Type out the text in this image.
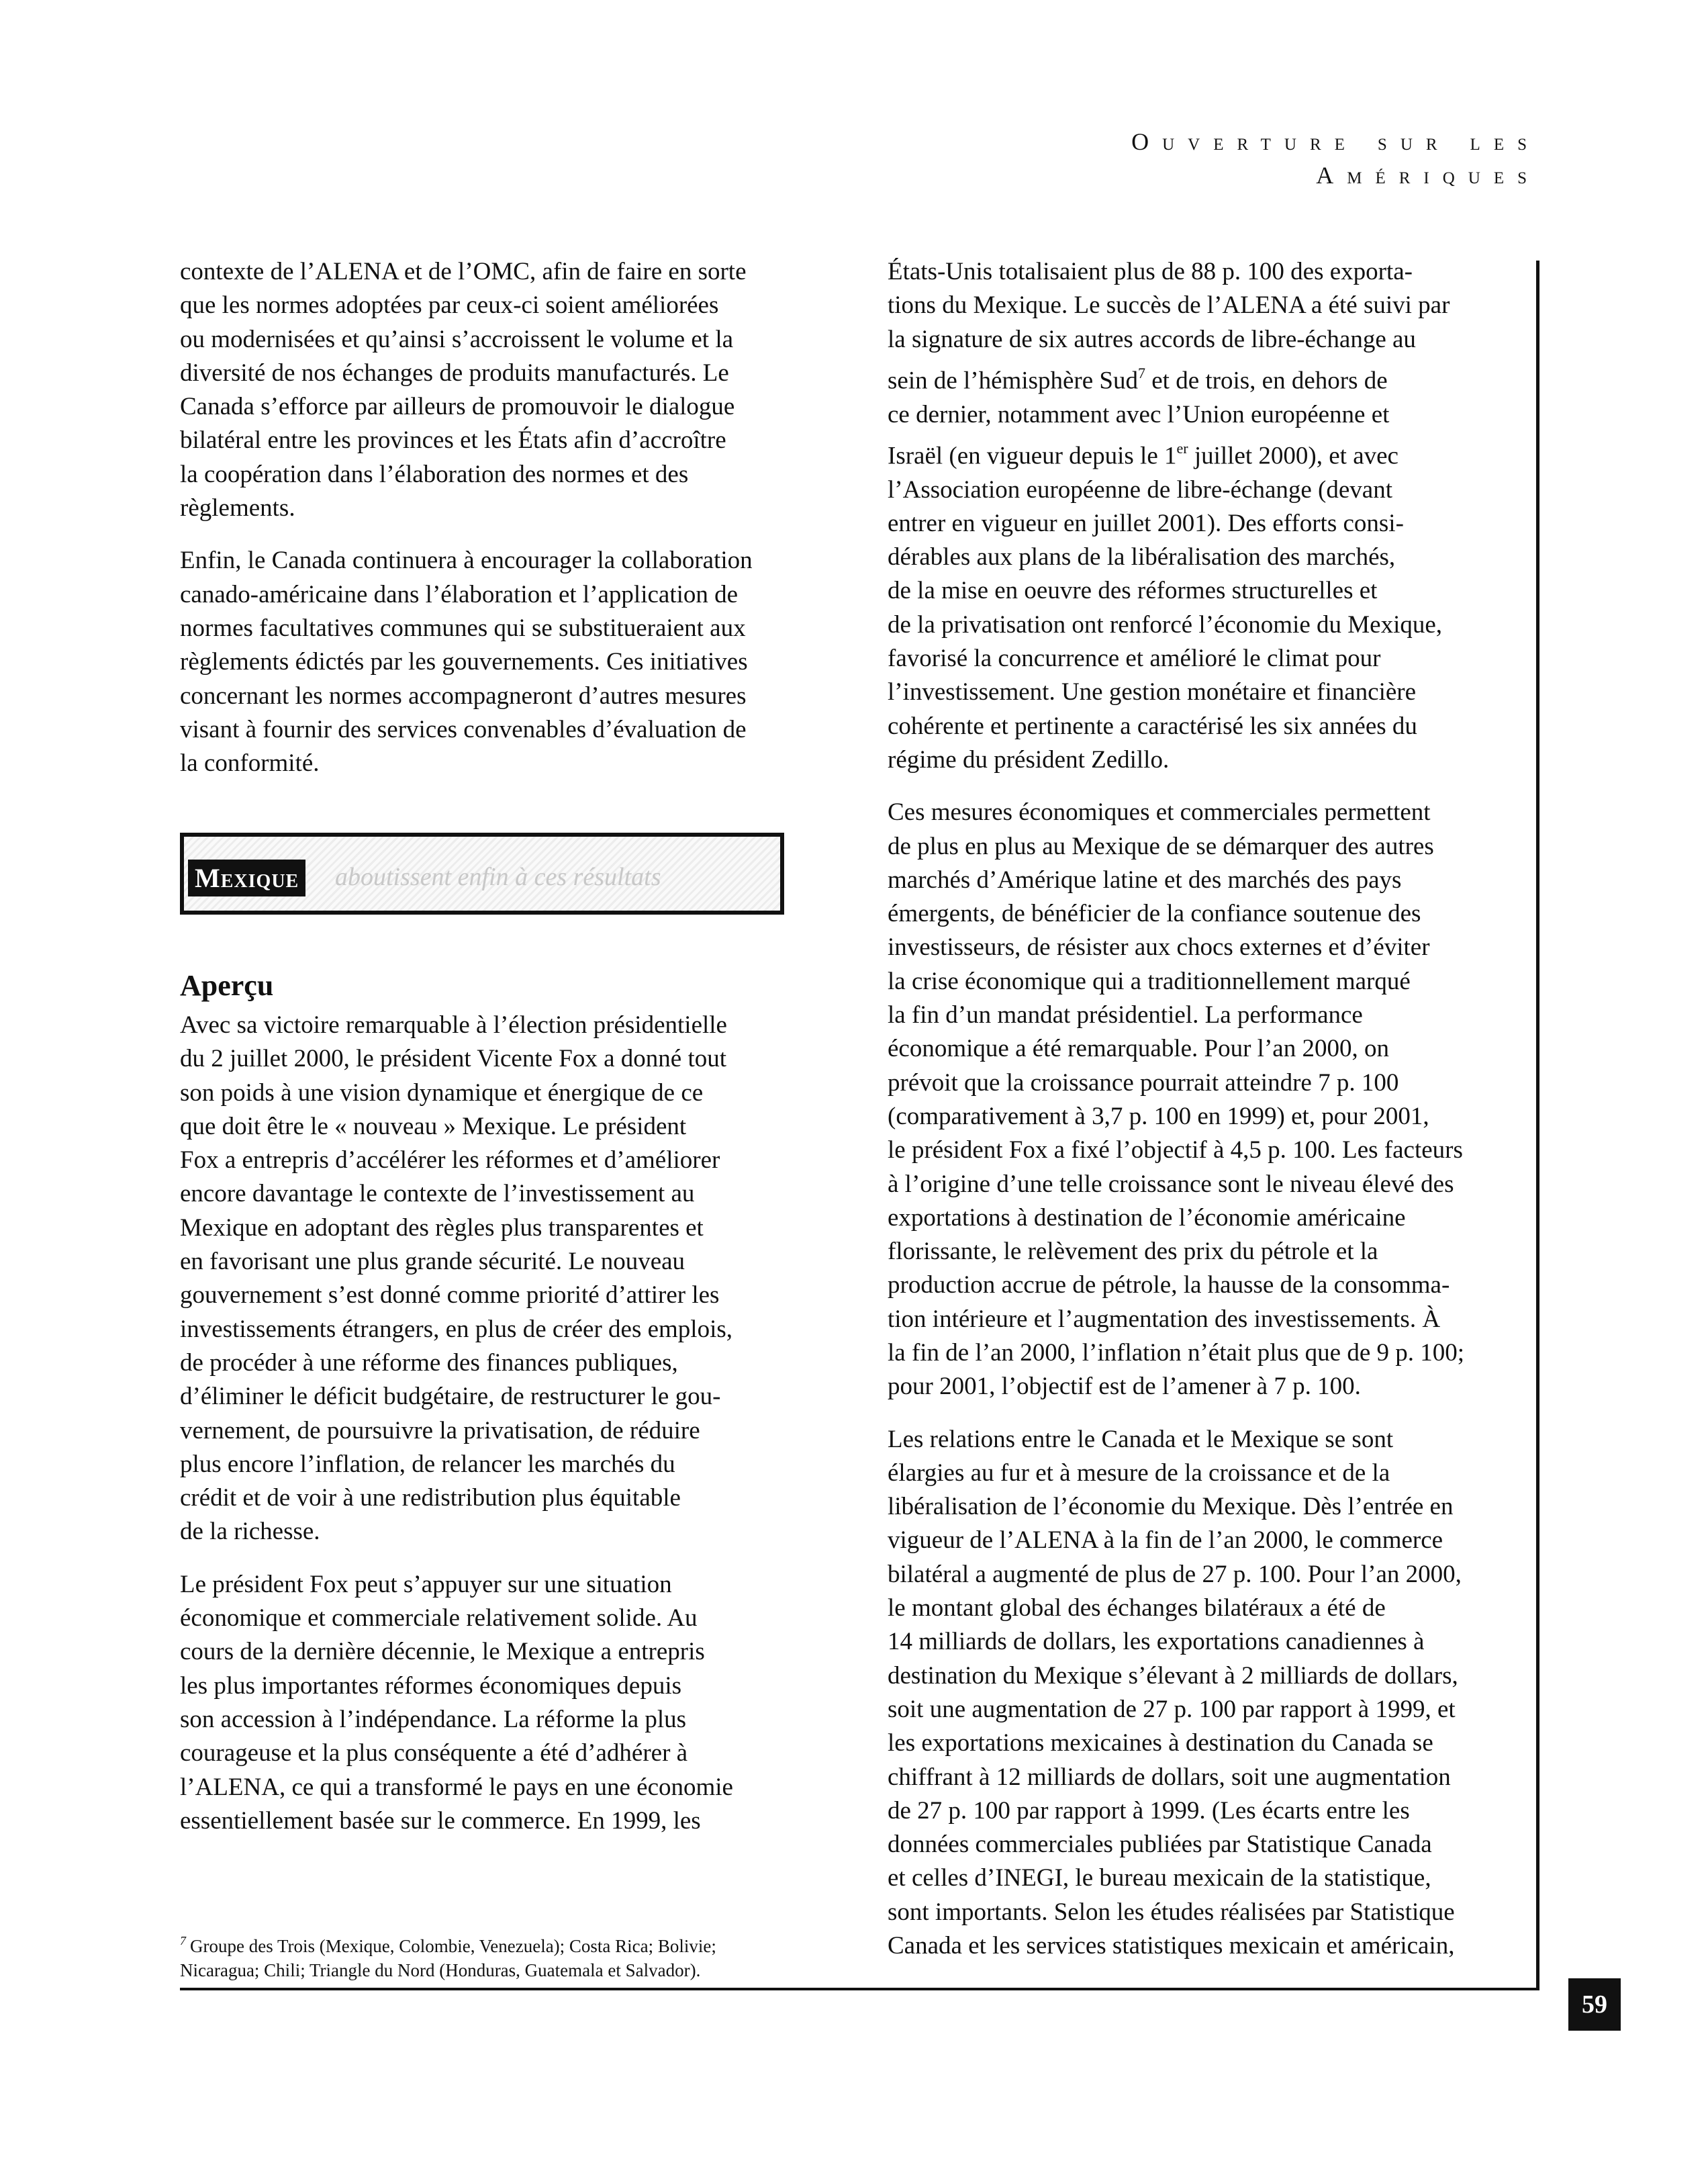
Ouverture sur les
Amériques

contexte de l’ALENA et de l’OMC, afin de faire en sorte
que les normes adoptées par ceux-ci soient améliorées
ou modernisées et qu’ainsi s’accroissent le volume et la
diversité de nos échanges de produits manufacturés. Le
Canada s’efforce par ailleurs de promouvoir le dialogue
bilatéral entre les provinces et les États afin d’accroître
la coopération dans l’élaboration des normes et des
règlements.

Enfin, le Canada continuera à encourager la collaboration
canado-américaine dans l’élaboration et l’application de
normes facultatives communes qui se substitueraient aux
règlements édictés par les gouvernements. Ces initiatives
concernant les normes accompagneront d’autres mesures
visant à fournir des services convenables d’évaluation de
la conformité.

Mexique aboutissent enfin à ces résultats
Aperçu

Avec sa victoire remarquable à l’élection présidentielle
du 2 juillet 2000, le président Vicente Fox a donné tout
son poids à une vision dynamique et énergique de ce
que doit être le « nouveau » Mexique. Le président
Fox a entrepris d’accélérer les réformes et d’améliorer
encore davantage le contexte de l’investissement au
Mexique en adoptant des règles plus transparentes et
en favorisant une plus grande sécurité. Le nouveau
gouvernement s’est donné comme priorité d’attirer les
investissements étrangers, en plus de créer des emplois,
de procéder à une réforme des finances publiques,
d’éliminer le déficit budgétaire, de restructurer le gou-
vernement, de poursuivre la privatisation, de réduire
plus encore l’inflation, de relancer les marchés du
crédit et de voir à une redistribution plus équitable
de la richesse.

Le président Fox peut s’appuyer sur une situation
économique et commerciale relativement solide. Au
cours de la dernière décennie, le Mexique a entrepris
les plus importantes réformes économiques depuis
son accession à l’indépendance. La réforme la plus
courageuse et la plus conséquente a été d’adhérer à
l’ALENA, ce qui a transformé le pays en une économie
essentiellement basée sur le commerce. En 1999, les

$^7$ Groupe des Trois (Mexique, Colombie, Venezuela); Costa Rica; Bolivie;
Nicaragua; Chili; Triangle du Nord (Honduras, Guatemala et Salvador).

États-Unis totalisaient plus de 88 p. 100 des exporta-
tions du Mexique. Le succès de l’ALENA a été suivi par
la signature de six autres accords de libre-échange au
sein de l’hémisphère Sud$^7$ et de trois, en dehors de
ce dernier, notamment avec l’Union européenne et
Israël (en vigueur depuis le 1er juillet 2000), et avec
l’Association européenne de libre-échange (devant
entrer en vigueur en juillet 2001). Des efforts consi-
dérables aux plans de la libéralisation des marchés,
de la mise en oeuvre des réformes structurelles et
de la privatisation ont renforcé l’économie du Mexique,
favorisé la concurrence et amélioré le climat pour
l’investissement. Une gestion monétaire et financière
cohérente et pertinente a caractérisé les six années du
régime du président Zedillo.

Ces mesures économiques et commerciales permettent
de plus en plus au Mexique de se démarquer des autres
marchés d’Amérique latine et des marchés des pays
émergents, de bénéficier de la confiance soutenue des
investisseurs, de résister aux chocs externes et d’éviter
la crise économique qui a traditionnellement marqué
la fin d’un mandat présidentiel. La performance
économique a été remarquable. Pour l’an 2000, on
prévoit que la croissance pourrait atteindre 7 p. 100
(comparativement à 3,7 p. 100 en 1999) et, pour 2001,
le président Fox a fixé l’objectif à 4,5 p. 100. Les facteurs
à l’origine d’une telle croissance sont le niveau élevé des
exportations à destination de l’économie américaine
florissante, le relèvement des prix du pétrole et la
production accrue de pétrole, la hausse de la consomma-
tion intérieure et l’augmentation des investissements. À
la fin de l’an 2000, l’inflation n’était plus que de 9 p. 100;
pour 2001, l’objectif est de l’amener à 7 p. 100.

Les relations entre le Canada et le Mexique se sont
élargies au fur et à mesure de la croissance et de la
libéralisation de l’économie du Mexique. Dès l’entrée en
vigueur de l’ALENA à la fin de l’an 2000, le commerce
bilatéral a augmenté de plus de 27 p. 100. Pour l’an 2000,
le montant global des échanges bilatéraux a été de
14 milliards de dollars, les exportations canadiennes à
destination du Mexique s’élevant à 2 milliards de dollars,
soit une augmentation de 27 p. 100 par rapport à 1999, et
les exportations mexicaines à destination du Canada se
chiffrant à 12 milliards de dollars, soit une augmentation
de 27 p. 100 par rapport à 1999. (Les écarts entre les
données commerciales publiées par Statistique Canada
et celles d’INEGI, le bureau mexicain de la statistique,
sont importants. Selon les études réalisées par Statistique
Canada et les services statistiques mexicain et américain,

59
